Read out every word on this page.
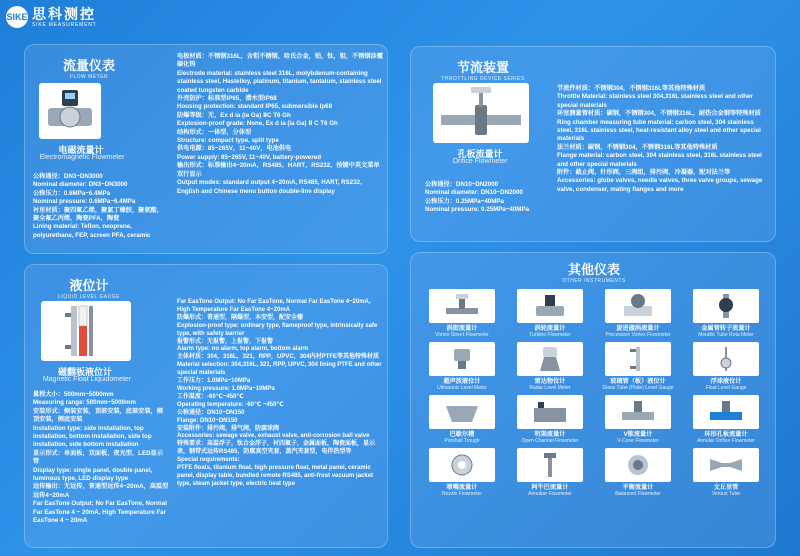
SIKE 思科测控
SIKE MEASUREMENT
流量仪表
FLOW METER
电磁流量计
Electromagnetic Flowmeter
公称通径：DN3~DN3000
Nominal diameter: DN3~DN3000
公称压力：0.6MPa~6.4MPa
Nominal pressure: 0.6MPa~6.4MPa
衬里材质：聚四氟乙烯，聚氯丁橡胶，聚氨酯，聚全氟乙丙烯，陶瓷PFA，陶瓷
Lining material: Teflon, neoprene, polyurethane, FEP, screen PFA, ceramic
电极材质：不锈钢316L，含钼不锈钢，哈氏合金，铂，钛，钽，不锈钢涂覆碳化钨
Electrode material: stainless steel 316L, molybdenum-containing stainless steel, Hastelloy, platinum, titanium, tantalum, stainless steel coated tungsten carbide
外壳防护：标准型IP65，潜水型IP68
Housing protection: standard IP65, submersible Ip68
防爆等级：无，Ex d ia (ia Ga) ⅡC T6 Gh
Explosion-proof grade: None, Ex d ia (ia Ga) Ⅱ C T6 Gh
结构形式：一体型，分体型
Structure: compact type, split type
供电电源：85~265V，11~40V，电池供电
Power supply: 85~265V, 11~40V, battery-powered
输出形式：标准输出4~20mA，RS485，HART，RS232，按键中英文菜单双行显示
Output modes: standard output 4~20mA, RS485, HART, RS232, English and Chinese menu button double-line display
液位计
LIQUID LEVEL GAUGE
磁翻板液位计
Magnetic Float Liquidometer
量程大小：500mm~5000mm
Measuring range: 500mm~5000mm
安装形式：侧装安装，顶部安装，底部安装，侧顶安装，侧底安装
Installation type: side installation, top installation, bottom installation, side top installation, side bottom installation
显示形式：单面板，双面板，夜光型，LED显示管
Display type: single panel, double panel, luminous type, LED display type
远传输出：无远传，普通型远传4~20mA，高温型远传4~20mA
Far EasTone Output: No Far EasTone, Normal Far EasTone 4 ~ 20mA, High Temperature Far EasTone 4 ~ 20mA
Far EasTone Output: No Far EasTone, Normal Far EasTone 4~20mA, High Temperature Far EasTone 4~20mA
防爆形式：普通型，隔爆型，本安型，配安全栅
Explosion-proof type: ordinary type, flameproof type, intrinsically safe type, with safety barrier
报警形式：无报警，上报警，下报警
Alarm type: no alarm, top alarm, bottom alarm
主体材质：304，316L，321，RPP，UPVC，304内衬PTFE等其他特殊材质
Material selection: 304,316L, 321, RPP, UPVC, 304 lining PTFE and other special materials
工作压力：1.0MPa~10MPa
Working pressure: 1.0MPa~10MPa
工作温度：-60℃~450℃
Operating temperature: -60℃ ~450℃
公称通径：DN10~DN150
Flange: DN10~DN150
安装附件：排污阀，排气阀，防腐球阀
Accessories: sewage valve, exhaust valve, anti-corrosion ball valve
特殊要求：高温浮子，钛合金浮子，衬四氟子，金属面板，陶瓷面板，显示表，钢带式远传RS485，防腐真空夹套，蒸汽夹套型，电伴热型等
Special requirements:
PTFE floats, titanium float, high pressure float, metal panel, ceramic panel, display table, bundled remote RS485, anti-frost vacuum jacket type, steam jacket type, electric heat type
节流装置
THROTTLING DEVICE SERIES
孔板流量计
Orifice Flowmeter
公称通径：DN10~DN2000
Nominal diameter: DN10~DN2000
公称压力：0.25MPa~40MPa
Nominal pressure: 0.25MPa~40MPa
节流件材质：不锈钢304，不锈钢316L等其他特殊材质
Throttle Material: stainless steel 304,316L stainless steel and other special materials
环室测量管材质：碳钢，不锈钢304，不锈钢316L，耐热合金钢等特殊材质
Ring chamber measuring tube material: carbon steel, 304 stainless steel, 316L stainless steel, heat-resistant alloy steel and other special materials
法兰材质：碳钢，不锈钢304，不锈钢316L等其他特殊材质
Flange material: carbon steel, 304 stainless steel, 316L stainless steel and other special materials
附件：截止阀，针形阀，三阀组，排污阀，冷凝器，配对法兰等
Accessories: globe valves, needle valves, three valve groups, sewage valve, condenser, mating flanges and more
其他仪表
OTHER INSTRUMENTS
涡街流量计
Vortex Street Flowmeter
涡轮流量计
Turbine Flowmeter
旋进漩涡流量计
Precession Vortex Flowmeter
金属管转子流量计
Metallic Tube Rota Meter
超声波液位计
Ultrasonic Level Meter
雷达物位计
Radar Level Meter
玻璃管（板）液位计
Glass Tube (Plate) Level Gauge
浮球液位计
Float Level Gauge
巴歇尔槽
Parshall Trough
明渠流量计
Open Channel Flowmeter
V锥流量计
V-Cone Flowmeter
环形孔板流量计
Annular Orifice Flowmeter
喷嘴流量计
Nozzle Flowmeter
阿牛巴流量计
Annubar Flowmeter
平衡流量计
Balanced Flowmeter
文丘里管
Venturi Tube
